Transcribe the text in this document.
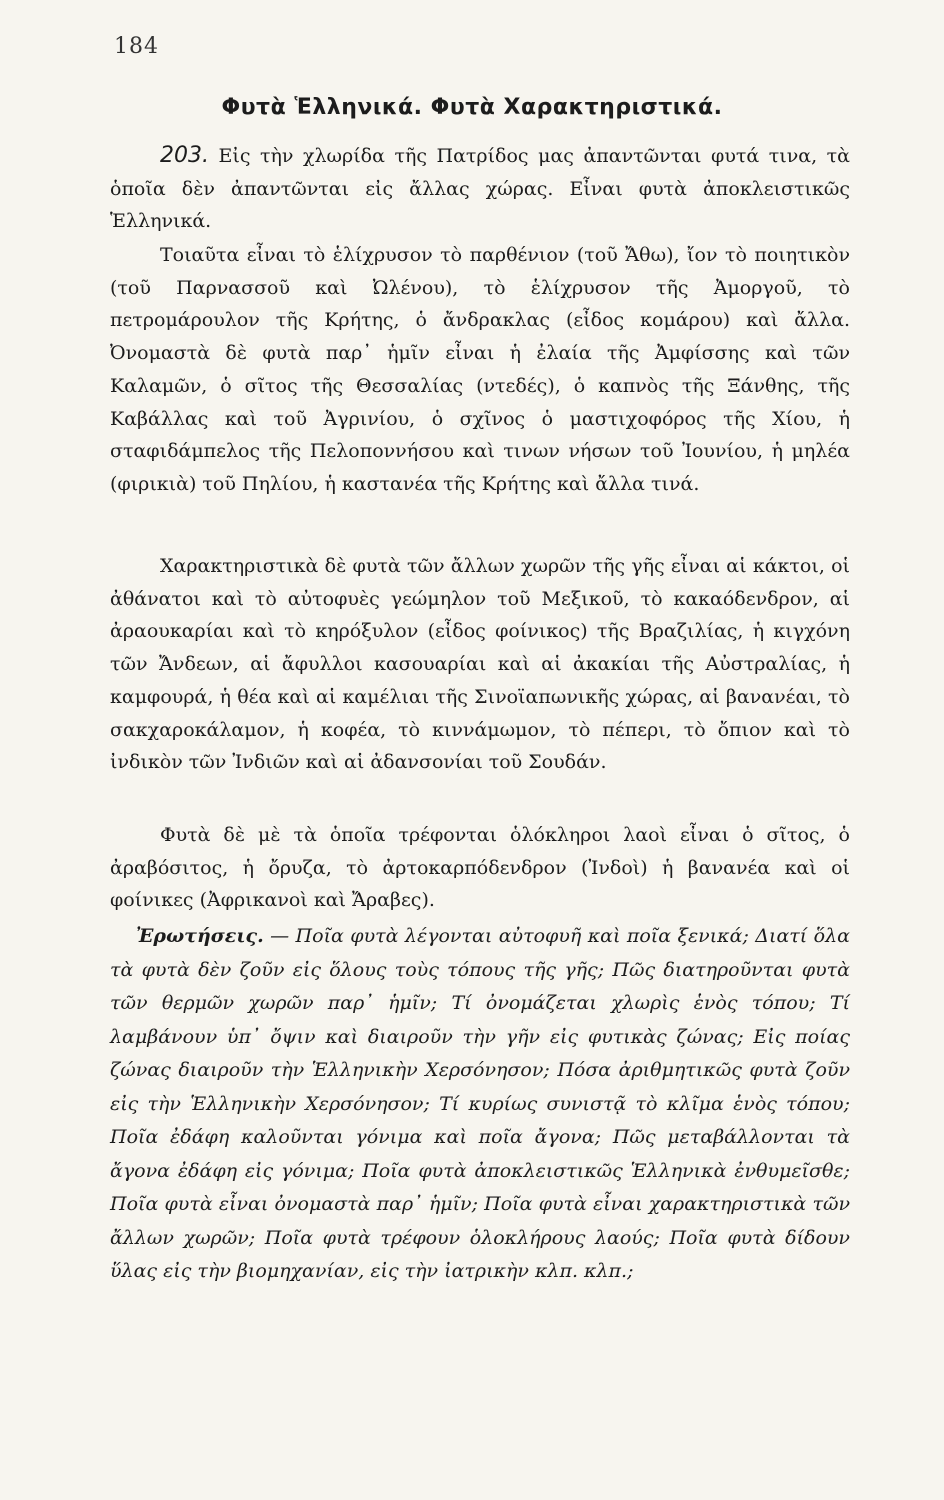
184
Φυτὰ Ἑλληνικά. Φυτὰ Χαρακτηριστικά.

203. Εἰς τὴν χλωρίδα τῆς Πατρίδος μας ἀπαντῶνται φυτά τινα, τὰ ὁποῖα δὲν ἀπαντῶνται εἰς ἄλλας χώρας. Εἶναι φυτὰ ἀποκλειστικῶς Ἑλληνικά.

Τοιαῦτα εἶναι τὸ ἑλίχρυσον τὸ παρθένιον (τοῦ Ἄθω), ἴον τὸ ποιητικὸν (τοῦ Παρνασσοῦ καὶ Ὠλένου), τὸ ἑλίχρυσον τῆς Ἀμοργοῦ, τὸ πετρομάρουλον τῆς Κρήτης, ὁ ἄνδρακλας (εἶδος κομάρου) καὶ ἄλλα. Ὀνομαστὰ δὲ φυτὰ παρ᾽ ἡμῖν εἶναι ἡ ἐλαία τῆς Ἀμφίσσης καὶ τῶν Καλαμῶν, ὁ σῖτος τῆς Θεσσαλίας (ντεδές), ὁ καπνὸς τῆς Ξάνθης, τῆς Καβάλλας καὶ τοῦ Ἀγρινίου, ὁ σχῖνος ὁ μαστιχοφόρος τῆς Χίου, ἡ σταφιδάμπελος τῆς Πελοποννήσου καὶ τινων νήσων τοῦ Ἰουνίου, ἡ μηλέα (φιρικιὰ) τοῦ Πηλίου, ἡ καστανέα τῆς Κρήτης καὶ ἄλλα τινά.

Χαρακτηριστικὰ δὲ φυτὰ τῶν ἄλλων χωρῶν τῆς γῆς εἶναι αἱ κάκτοι, οἱ ἀθάνατοι καὶ τὸ αὐτοφυὲς γεώμηλον τοῦ Μεξικοῦ, τὸ κακαόδενδρον, αἱ ἀραουκαρίαι καὶ τὸ κηρόξυλον (εἶδος φοίνικος) τῆς Βραζιλίας, ἡ κιγχόνη τῶν Ἄνδεων, αἱ ἄφυλλοι κασουαρίαι καὶ αἱ ἀκακίαι τῆς Αὐστραλίας, ἡ καμφουρά, ἡ θέα καὶ αἱ καμέλιαι τῆς Σινοϊαπωνικῆς χώρας, αἱ βανανέαι, τὸ σακχαροκάλαμον, ἡ κοφέα, τὸ κιννάμωμον, τὸ πέπερι, τὸ ὄπιον καὶ τὸ ἰνδικὸν τῶν Ἰνδιῶν καὶ αἱ ἀδανσονίαι τοῦ Σουδάν.

Φυτὰ δὲ μὲ τὰ ὁποῖα τρέφονται ὁλόκληροι λαοὶ εἶναι ὁ σῖτος, ὁ ἀραβόσιτος, ἡ ὄρυζα, τὸ ἀρτοκαρπόδενδρον (Ἰνδοὶ) ἡ βανανέα καὶ οἱ φοίνικες (Ἀφρικανοὶ καὶ Ἄραβες).

Ἐρωτήσεις. — Ποῖα φυτὰ λέγονται αὐτοφυῆ καὶ ποῖα ξενικά; Διατί ὅλα τὰ φυτὰ δὲν ζοῦν εἰς ὅλους τοὺς τόπους τῆς γῆς; Πῶς διατηροῦνται φυτὰ τῶν θερμῶν χωρῶν παρ᾽ ἡμῖν; Τί ὀνομάζεται χλωρὶς ἑνὸς τόπου; Τί λαμβάνουν ὑπ᾽ ὄψιν καὶ διαιροῦν τὴν γῆν εἰς φυτικὰς ζώνας; Εἰς ποίας ζώνας διαιροῦν τὴν Ἑλληνικὴν Χερσόνησον; Πόσα ἀριθμητικῶς φυτὰ ζοῦν εἰς τὴν Ἑλληνικὴν Χερσόνησον; Τί κυρίως συνιστᾷ τὸ κλῖμα ἑνὸς τόπου; Ποῖα ἐδάφη καλοῦνται γόνιμα καὶ ποῖα ἄγονα; Πῶς μεταβάλλονται τὰ ἄγονα ἐδάφη εἰς γόνιμα; Ποῖα φυτὰ ἀποκλειστικῶς Ἑλληνικὰ ἐνθυμεῖσθε; Ποῖα φυτὰ εἶναι ὀνομαστὰ παρ᾽ ἡμῖν; Ποῖα φυτὰ εἶναι χαρακτηριστικὰ τῶν ἄλλων χωρῶν; Ποῖα φυτὰ τρέφουν ὁλοκλήρους λαούς; Ποῖα φυτὰ δίδουν ὕλας εἰς τὴν βιομηχανίαν, εἰς τὴν ἰατρικὴν κλπ. κλπ.;
